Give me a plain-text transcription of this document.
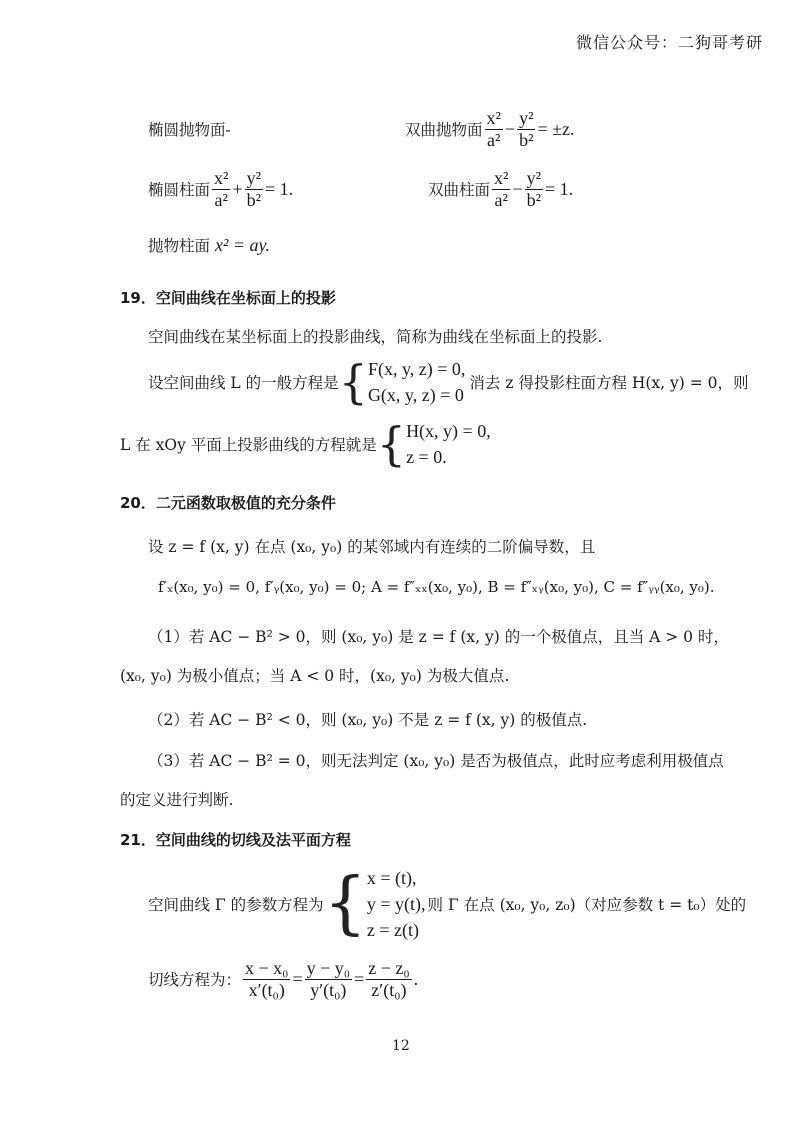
微信公众号：二狗哥考研
椭圆抛物面-	双曲抛物面 $\frac{\text{x²}}{\text{a²}} - \frac{\text{y²}}{\text{b²}} = \pm z$.
椭圆柱面 $\frac{\text{x²}}{\text{a²}} + \frac{\text{y²}}{\text{b²}} = 1$.	双曲柱面 $\frac{\text{x²}}{\text{a²}} - \frac{\text{y²}}{\text{b²}} = 1$.
抛物柱面 x² = ay.
19．空间曲线在坐标面上的投影
空间曲线在某坐标面上的投影曲线，简称为曲线在坐标面上的投影.
设空间曲线 L 的一般方程是 { F(x, y, z) = 0,
G(x, y, z) = 0
消去 z 得投影柱面方程 H(x, y) = 0，则
L 在 xOy 平面上投影曲线的方程就是 { H(x, y) = 0,
z = 0.
20．二元函数取极值的充分条件
设 z = f (x, y) 在点 (x₀, y₀) 的某邻域内有连续的二阶偏导数，且
f′ₓ(x₀, y₀) = 0, f′ᵧ(x₀, y₀) = 0; A = f″ₓₓ(x₀, y₀), B = f″ₓᵧ(x₀, y₀), C = f″ᵧᵧ(x₀, y₀).
（1）若 AC − B² > 0，则 (x₀, y₀) 是 z = f (x, y) 的一个极值点，且当 A > 0 时，
(x₀, y₀) 为极小值点；当 A < 0 时，(x₀, y₀) 为极大值点.
（2）若 AC − B² < 0，则 (x₀, y₀) 不是 z = f (x, y) 的极值点.
（3）若 AC − B² = 0，则无法判定 (x₀, y₀) 是否为极值点，此时应考虑利用极值点
的定义进行判断.
21．空间曲线的切线及法平面方程
空间曲线 Γ 的参数方程为 { x = (t),
y = y(t),
z = z(t)
则 Γ 在点 (x₀, y₀, z₀)（对应参数 t = t₀）处的
切线方程为： $\frac{\text{x − x₀}}{\text{x′(t₀)}} = \frac{\text{y − y₀}}{\text{y′(t₀)}} = \frac{\text{z − z₀}}{\text{z′(t₀)}}$ .
12
